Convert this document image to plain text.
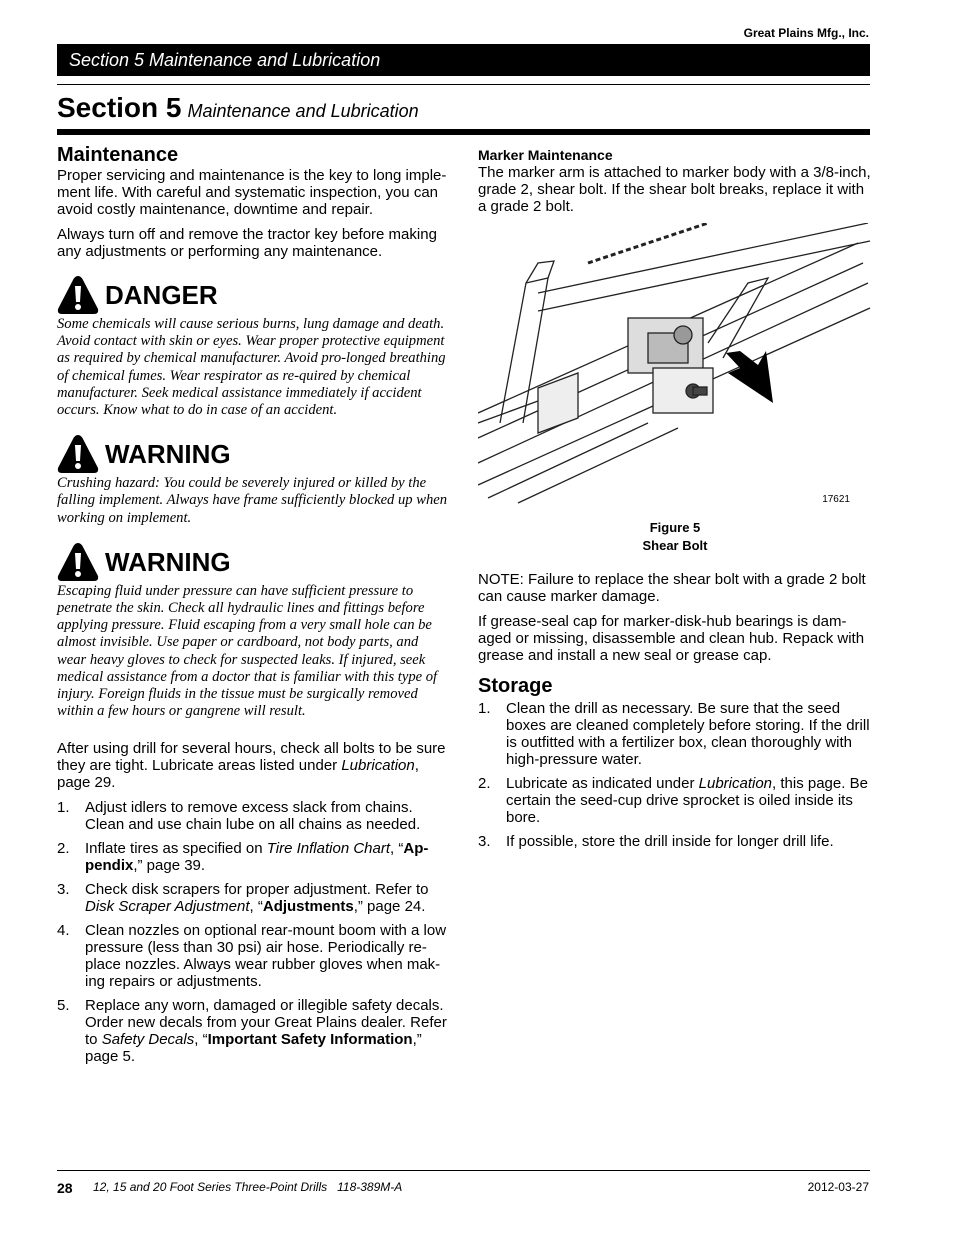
Great Plains Mfg., Inc.
Section 5 Maintenance and Lubrication
Section 5 Maintenance and Lubrication
Maintenance

Proper servicing and maintenance is the key to long imple-ment life. With careful and systematic inspection, you can avoid costly maintenance, downtime and repair.

Always turn off and remove the tractor key before making any adjustments or performing any maintenance.

DANGER

Some chemicals will cause serious burns, lung damage and death. Avoid contact with skin or eyes. Wear proper protective equipment as required by chemical manufacturer. Avoid pro-longed breathing of chemical fumes. Wear respirator as re-quired by chemical manufacturer. Seek medical assistance immediately if accident occurs. Know what to do in case of an accident.

WARNING

Crushing hazard: You could be severely injured or killed by the falling implement. Always have frame sufficiently blocked up when working on implement.

WARNING

Escaping fluid under pressure can have sufficient pressure to penetrate the skin. Check all hydraulic lines and fittings before applying pressure. Fluid escaping from a very small hole can be almost invisible. Use paper or cardboard, not body parts, and wear heavy gloves to check for suspected leaks. If injured, seek medical assistance from a doctor that is familiar with this type of injury. Foreign fluids in the tissue must be surgically removed within a few hours or gangrene will result.

After using drill for several hours, check all bolts to be sure they are tight. Lubricate areas listed under Lubrication, page 29.

1. Adjust idlers to remove excess slack from chains. Clean and use chain lube on all chains as needed.
2. Inflate tires as specified on Tire Inflation Chart, “Ap-pendix,” page 39.
3. Check disk scrapers for proper adjustment. Refer to Disk Scraper Adjustment, “Adjustments,” page 24.
4. Clean nozzles on optional rear-mount boom with a low pressure (less than 30 psi) air hose. Periodically re-place nozzles. Always wear rubber gloves when mak-ing repairs or adjustments.
5. Replace any worn, damaged or illegible safety decals. Order new decals from your Great Plains dealer. Refer to Safety Decals, “Important Safety Information,” page 5.
Marker Maintenance

The marker arm is attached to marker body with a 3/8-inch, grade 2, shear bolt. If the shear bolt breaks, replace it with a grade 2 bolt.

17621
Figure 5
Shear Bolt

NOTE: Failure to replace the shear bolt with a grade 2 bolt can cause marker damage.

If grease-seal cap for marker-disk-hub bearings is dam-aged or missing, disassemble and clean hub. Repack with grease and install a new seal or grease cap.

Storage
1. Clean the drill as necessary. Be sure that the seed boxes are cleaned completely before storing. If the drill is outfitted with a fertilizer box, clean thoroughly with high-pressure water.
2. Lubricate as indicated under Lubrication, this page. Be certain the seed-cup drive sprocket is oiled inside its bore.
3. If possible, store the drill inside for longer drill life.
28 12, 15 and 20 Foot Series Three-Point Drills   118-389M-A	2012-03-27
